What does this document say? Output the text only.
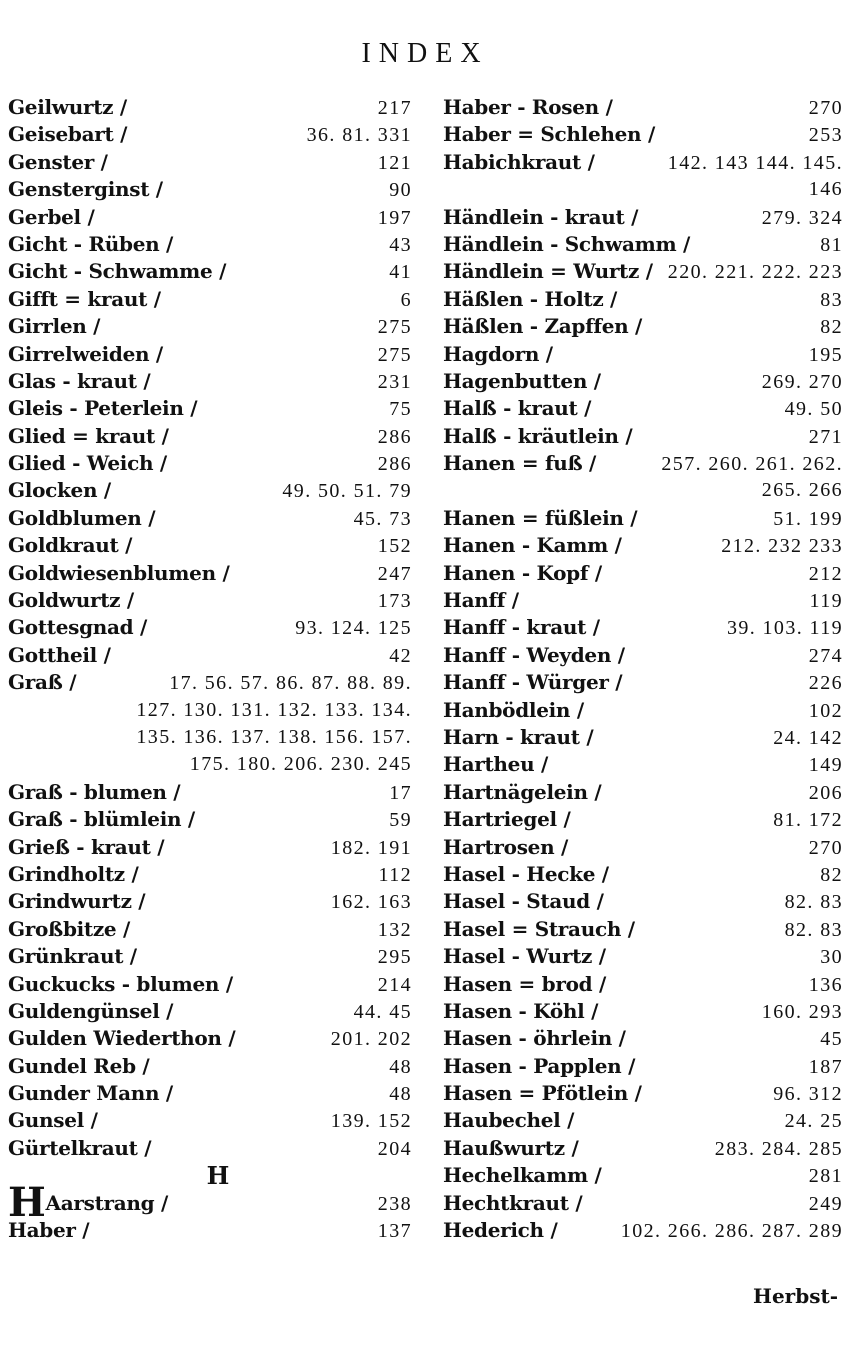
INDEX
Geilwurtz /	217
Geisebart /	36. 81. 331
Genster /	121
Gensterginst /	90
Gerbel /	197
Gicht - Rüben /	43
Gicht - Schwamme /	41
Gifft = kraut /	6
Girrlen /	275
Girrelweiden /	275
Glas - kraut /	231
Gleis - Peterlein /	75
Glied = kraut /	286
Glied - Weich /	286
Glocken /	49. 50. 51. 79
Goldblumen /	45. 73
Goldkraut /	152
Goldwiesenblumen /	247
Goldwurtz /	173
Gottesgnad /	93. 124. 125
Gottheil /	42
Graß /	17. 56. 57. 86. 87. 88. 89.
127. 130. 131. 132. 133. 134.
135. 136. 137. 138. 156. 157.
175. 180. 206. 230. 245
Graß - blumen /	17
Graß - blümlein /	59
Grieß - kraut /	182. 191
Grindholtz /	112
Grindwurtz /	162. 163
Großbitze /	132
Grünkraut /	295
Guckucks - blumen /	214
Guldengünsel /	44. 45
Gulden Wiederthon /	201. 202
Gundel Reb /	48
Gunder Mann /	48
Gunsel /	139. 152
Gürtelkraut /	204
H
HAarstrang /	238
Haber /	137
Haber - Rosen /	270
Haber = Schlehen /	253
Habichkraut /	142. 143 144. 145.
146
Händlein - kraut /	279. 324
Händlein - Schwamm /	81
Händlein = Wurtz / 220. 221. 222. 223
Häßlen - Holtz /	83
Häßlen - Zapffen /	82
Hagdorn /	195
Hagenbutten /	269. 270
Halß - kraut /	49. 50
Halß - kräutlein /	271
Hanen = fuß /	257. 260. 261. 262.
265. 266
Hanen = füßlein /	51. 199
Hanen - Kamm /	212. 232 233
Hanen - Kopf /	212
Hanff /	119
Hanff - kraut /	39. 103. 119
Hanff - Weyden /	274
Hanff - Würger /	226
Hanbödlein /	102
Harn - kraut /	24. 142
Hartheu /	149
Hartnägelein /	206
Hartriegel /	81. 172
Hartrosen /	270
Hasel - Hecke /	82
Hasel - Staud /	82. 83
Hasel = Strauch /	82. 83
Hasel - Wurtz /	30
Hasen = brod /	136
Hasen - Köhl /	160. 293
Hasen - öhrlein /	45
Hasen - Papplen /	187
Hasen = Pfötlein /	96. 312
Haubechel /	24. 25
Haußwurtz /	283. 284. 285
Hechelkamm /	281
Hechtkraut /	249
Hederich /	102. 266. 286. 287. 289
Herbst-
